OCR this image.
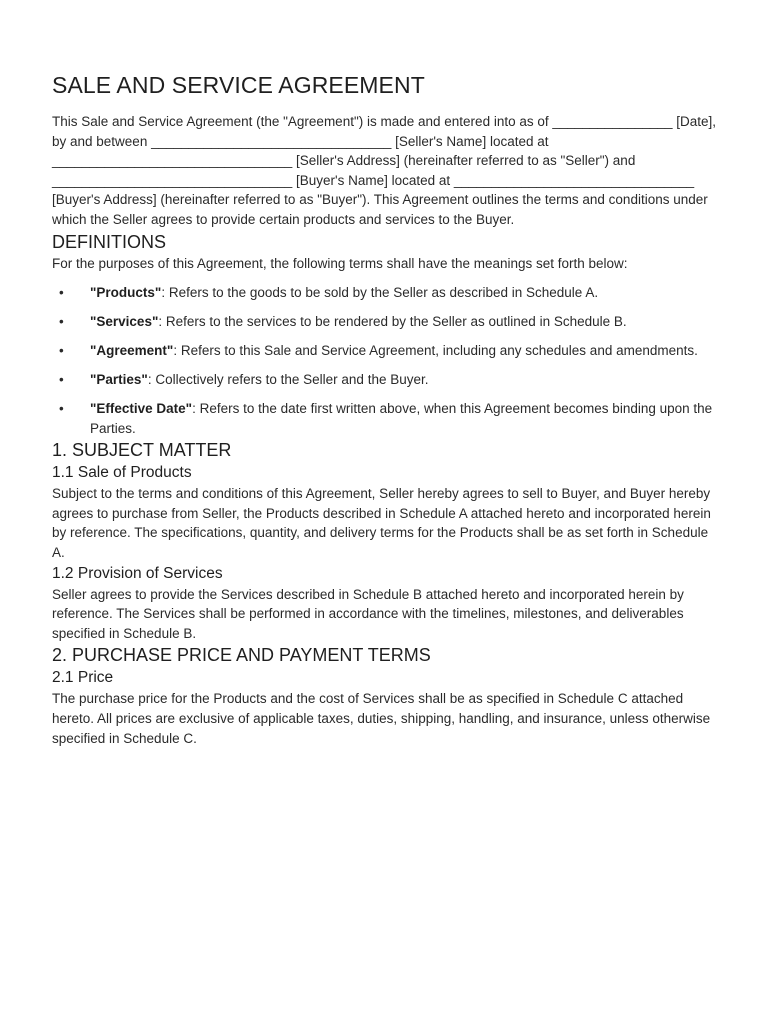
SALE AND SERVICE AGREEMENT

This Sale and Service Agreement (the "Agreement") is made and entered into as of ________________ [Date], by and between ________________________________ [Seller's Name] located at ________________________________ [Seller's Address] (hereinafter referred to as "Seller") and ________________________________ [Buyer's Name] located at ________________________________ [Buyer's Address] (hereinafter referred to as "Buyer"). This Agreement outlines the terms and conditions under which the Seller agrees to provide certain products and services to the Buyer.

DEFINITIONS

For the purposes of this Agreement, the following terms shall have the meanings set forth below:

• "Products": Refers to the goods to be sold by the Seller as described in Schedule A.
• "Services": Refers to the services to be rendered by the Seller as outlined in Schedule B.
• "Agreement": Refers to this Sale and Service Agreement, including any schedules and amendments.
• "Parties": Collectively refers to the Seller and the Buyer.
• "Effective Date": Refers to the date first written above, when this Agreement becomes binding upon the Parties.
1. SUBJECT MATTER
1.1 Sale of Products

Subject to the terms and conditions of this Agreement, Seller hereby agrees to sell to Buyer, and Buyer hereby agrees to purchase from Seller, the Products described in Schedule A attached hereto and incorporated herein by reference. The specifications, quantity, and delivery terms for the Products shall be as set forth in Schedule A.

1.2 Provision of Services

Seller agrees to provide the Services described in Schedule B attached hereto and incorporated herein by reference. The Services shall be performed in accordance with the timelines, milestones, and deliverables specified in Schedule B.

2. PURCHASE PRICE AND PAYMENT TERMS
2.1 Price

The purchase price for the Products and the cost of Services shall be as specified in Schedule C attached hereto. All prices are exclusive of applicable taxes, duties, shipping, handling, and insurance, unless otherwise specified in Schedule C.
